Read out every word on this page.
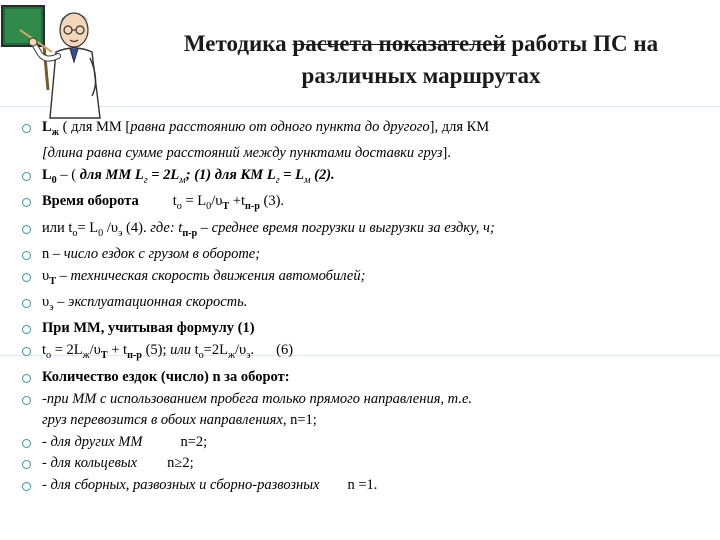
Методика расчета показателей работы ПС на
различных маршрутах
$L_ж$ ( для ММ [равна расстоянию от одного пункта до другого], для КМ
[длина равна сумме расстояний между пунктами доставки груз].
$L_0$ – ( для ММ $L_г = 2L_м$; (1) для КМ $L_г = L_м$ (2).
Время оборота $t_o = L_0/\upsilon_T +t_{п-р}$ (3).
или $t_o= L_0$ $/\upsilon_э$ (4). где: $t_{п-р}$ – среднее время погрузки и выгрузки за ездку, ч;
n – число ездок с грузом в обороте;
$\upsilon_T$ – техническая скорость движения автомобилей;
$\upsilon_э$ – эксплуатационная скорость.
При ММ, учитывая формулу (1)
$t_o = 2L_ж/\upsilon_T + t_{п-р}$ (5); или $t_o=2L_ж/\upsilon_э$. (6)
Количество ездок (число) n за оборот:
-при ММ с использованием пробега только прямого направления, т.е.
груз перевозится в обоих направлениях, n=1;
- для других ММ	n=2;
- для кольцевых n≥2;
- для сборных, развозных и сборно-развозных n =1.
